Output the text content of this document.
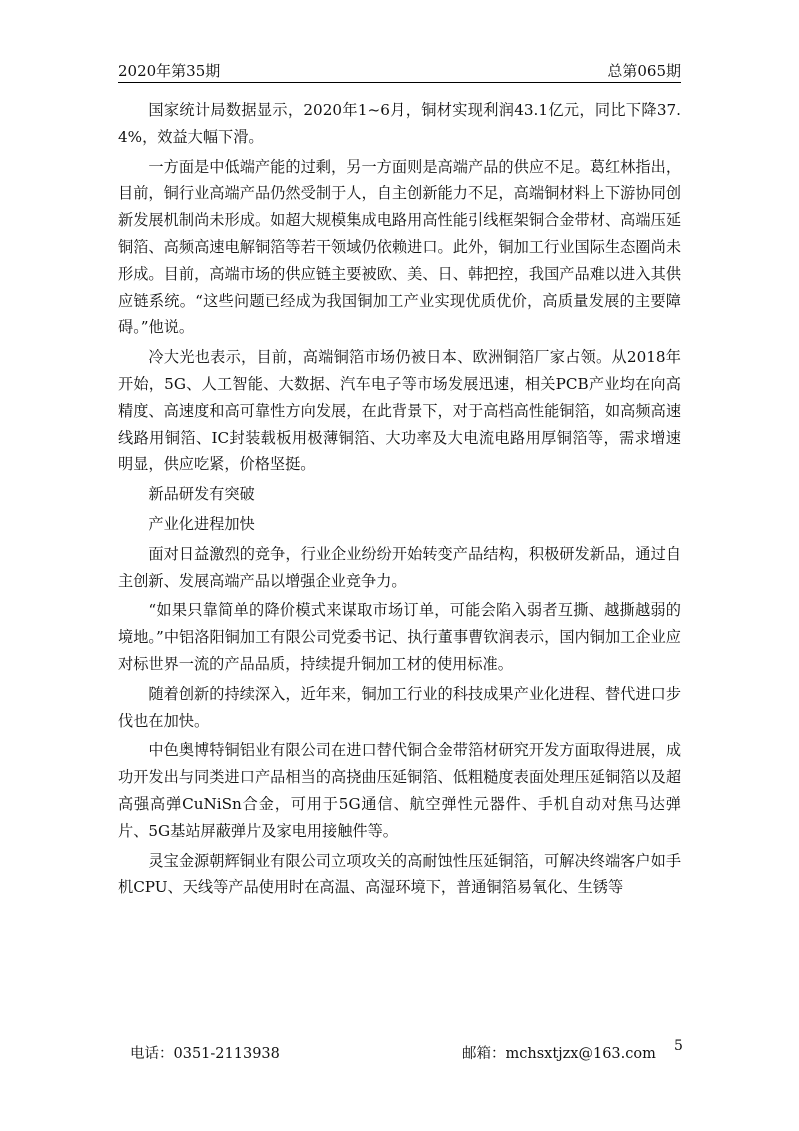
2020年第35期	总第065期

国家统计局数据显示，2020年1~6月，铜材实现利润43.1亿元，同比下降37.4%，效益大幅下滑。

一方面是中低端产能的过剩，另一方面则是高端产品的供应不足。葛红林指出，目前，铜行业高端产品仍然受制于人，自主创新能力不足，高端铜材料上下游协同创新发展机制尚未形成。如超大规模集成电路用高性能引线框架铜合金带材、高端压延铜箔、高频高速电解铜箔等若干领域仍依赖进口。此外，铜加工行业国际生态圈尚未形成。目前，高端市场的供应链主要被欧、美、日、韩把控，我国产品难以进入其供应链系统。“这些问题已经成为我国铜加工产业实现优质优价，高质量发展的主要障碍。”他说。

冷大光也表示，目前，高端铜箔市场仍被日本、欧洲铜箔厂家占领。从2018年开始，5G、人工智能、大数据、汽车电子等市场发展迅速，相关PCB产业均在向高精度、高速度和高可靠性方向发展，在此背景下，对于高档高性能铜箔，如高频高速线路用铜箔、IC封装载板用极薄铜箔、大功率及大电流电路用厚铜箔等，需求增速明显，供应吃紧，价格坚挺。

新品研发有突破

产业化进程加快

面对日益激烈的竞争，行业企业纷纷开始转变产品结构，积极研发新品，通过自主创新、发展高端产品以增强企业竞争力。

“如果只靠简单的降价模式来谋取市场订单，可能会陷入弱者互撕、越撕越弱的境地。”中铝洛阳铜加工有限公司党委书记、执行董事曹钦润表示，国内铜加工企业应对标世界一流的产品品质，持续提升铜加工材的使用标准。

随着创新的持续深入，近年来，铜加工行业的科技成果产业化进程、替代进口步伐也在加快。

中色奥博特铜铝业有限公司在进口替代铜合金带箔材研究开发方面取得进展，成功开发出与同类进口产品相当的高挠曲压延铜箔、低粗糙度表面处理压延铜箔以及超高强高弹CuNiSn合金，可用于5G通信、航空弹性元器件、手机自动对焦马达弹片、5G基站屏蔽弹片及家电用接触件等。

灵宝金源朝辉铜业有限公司立项攻关的高耐蚀性压延铜箔，可解决终端客户如手机CPU、天线等产品使用时在高温、高湿环境下，普通铜箔易氧化、生锈等

电话：0351-2113938	邮箱：mchsxtjzx@163.com 5
